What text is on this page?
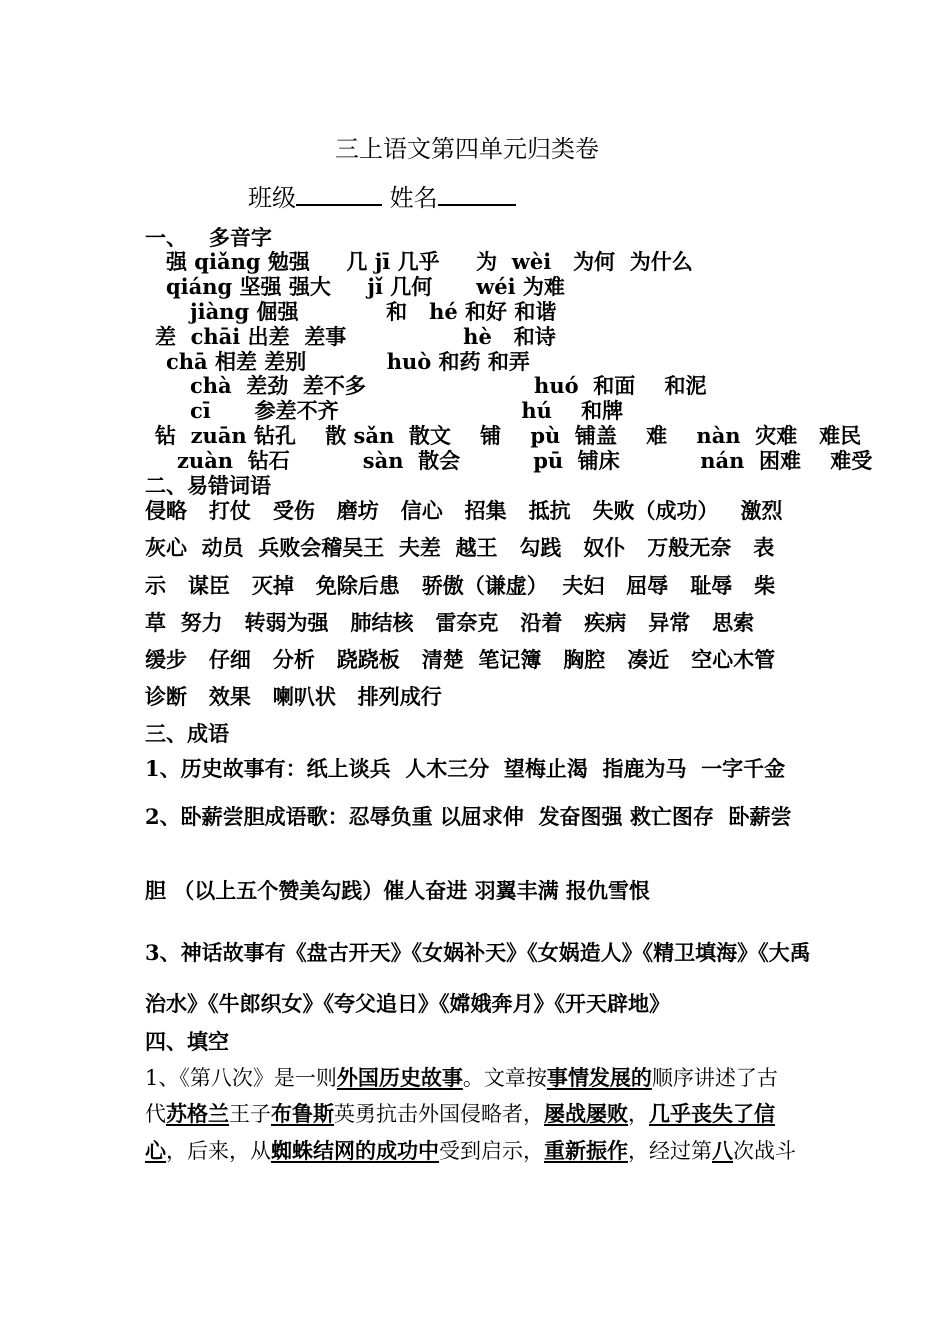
三上语文第四单元归类卷
班级	姓名
一、   多音字
强 qiǎng 勉强     几 jī 几乎     为  wèi   为何  为什么
qiáng 坚强 强大     jǐ 几何      wéi 为难
jiàng 倔强            和   hé 和好 和谐
差  chāi 出差  差事                hè   和诗
chā 相差 差别           huò 和药 和弄
chà  差劲  差不多                       huó  和面    和泥
cī      参差不齐                         hú    和牌
钻  zuān 钻孔    散 sǎn  散文    铺    pù  铺盖    难    nàn  灾难   难民
zuàn  钻石          sàn  散会          pū  铺床           nán  困难    难受
二、易错词语
侵略   打仗   受伤   磨坊   信心   招集   抵抗   失败（成功）   激烈
灰心  动员  兵败会稽吴王  夫差  越王   勾践   奴仆   万般无奈   表
示   谋臣   灭掉   免除后患   骄傲（谦虚）  夫妇   屈辱   耻辱   柴
草  努力   转弱为强   肺结核   雷奈克   沿着   疾病   异常   思索
缓步   仔细   分析   跷跷板   清楚  笔记簿   胸腔   凑近   空心木管
诊断   效果   喇叭状   排列成行
三、成语
1、历史故事有：纸上谈兵  人木三分  望梅止渴  指鹿为马  一字千金
2、卧薪尝胆成语歌：忍辱负重 以屈求伸  发奋图强 救亡图存  卧薪尝
胆 （以上五个赞美勾践）催人奋进 羽翼丰满 报仇雪恨
3、神话故事有《盘古开天》《女娲补天》《女娲造人》《精卫填海》《大禹
治水》《牛郎织女》《夸父追日》《嫦娥奔月》《开天辟地》
四、填空
1、《第八次》是一则外国历史故事。文章按事情发展的顺序讲述了古
代苏格兰王子布鲁斯英勇抗击外国侵略者，屡战屡败，几乎丧失了信
心，后来，从蜘蛛结网的成功中受到启示，重新振作，经过第八次战斗
